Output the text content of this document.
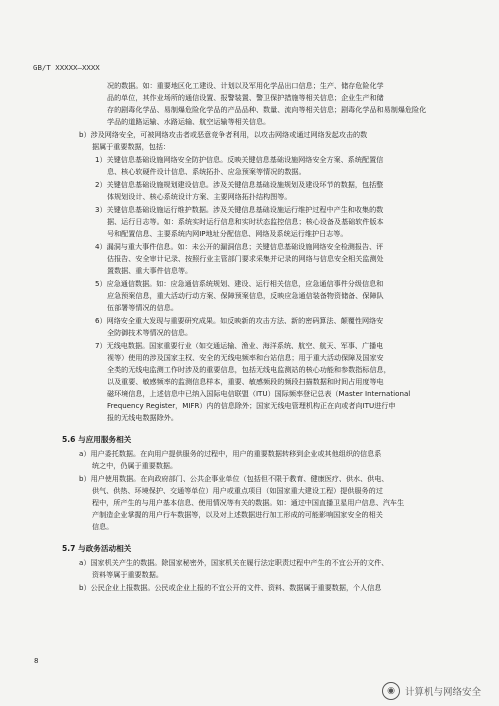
GB/T XXXXX—XXXX
况的数据。如：重要地区化工建设、计划以及军用化学品出口信息；生产、储存危险化学
品的单位，其作业场所的通信设置、报警装置、警卫保护措施等相关信息；企业生产和储
存的剧毒化学品、易制爆危险化学品的产品品种、数量、流向等相关信息；剧毒化学品和易制爆危险化
学品的道路运输、水路运输、航空运输等相关信息。
b）涉及网络安全，可被网络攻击者或恶意竞争者利用，以攻击网络或通过网络发起攻击的数
据属于重要数据，包括：
1）关键信息基础设施网络安全防护信息。反映关键信息基础设施网络安全方案、系统配置信
息、核心软硬件设计信息、系统拓扑、应急预案等情况的数据。
2）关键信息基础设施规划建设信息。涉及关键信息基础设施规划及建设环节的数据，包括整
体规划设计、核心系统设计方案、主要网络拓扑结构图等。
3）关键信息基础设施运行维护数据。涉及关键信息基础设施运行维护过程中产生和收集的数
据、运行日志等。如：系统实时运行信息和实时状态监控信息；核心设备及基础软件版本
号和配置信息、主要系统内网IP地址分配信息、网络及系统运行维护日志等。
4）漏洞与重大事件信息。如：未公开的漏洞信息；关键信息基础设施网络安全检测报告、评
估报告、安全审计记录、按照行业主管部门要求采集并记录的网络与信息安全相关监测处
置数据、重大事件信息等。
5）应急通信数据。如：应急通信系统规划、建设、运行相关信息，应急通信事件分级信息和
应急预案信息，重大活动行动方案、保障预案信息，反映应急通信装备物资储备、保障队
伍部署等情况的信息。
6）网络安全重大发现与重要研究成果。如反映新的攻击方法、新的密码算法、颠覆性网络安
全防御技术等情况的信息。
7）无线电数据。国家重要行业（如交通运输、渔业、海洋系统、航空、航天、军事、广播电
视等）使用的涉及国家主权、安全的无线电频率和台站信息；用于重大活动保障及国家安
全类的无线电监测工作时涉及的重要信息，包括无线电监测站的核心功能和参数指标信息，
以及重要、敏感频率的监测信息样本，重要、敏感频段的频段扫描数据和时间占用度等电
磁环境信息，上述信息中已纳入国际电信联盟（ITU）国际频率登记总表（Master International
Frequency Register，MIFR）内的信息除外；国家无线电管理机构正在向或者向ITU进行申
报的无线电数据除外。
a）用户委托数据。在向用户提供服务的过程中，用户的重要数据转移到企业或其他组织的信息系
统之中，仍属于重要数据。
b）用户使用数据。在向政府部门、公共企事业单位（包括但不限于教育、健康医疗、供水、供电、
供气、供热、环境保护、交通等单位）用户或重点项目（如国家重大建设工程）提供服务的过
程中，所产生的与用户基本信息、使用情况等有关的数据。如：通过中国直播卫星用户信息、汽车生
产制造企业掌握的用户行车数据等，以及对上述数据进行加工形成的可能影响国家安全的相关
信息。
a）国家机关产生的数据。除国家秘密外，国家机关在履行法定职责过程中产生的不宜公开的文件、
资料等属于重要数据。
b）公民企业上报数据。公民或企业上报的不宜公开的文件、资料、数据属于重要数据，个人信息
5.6 与应用服务相关
5.7 与政务活动相关
8
◉	计算机与网络安全
